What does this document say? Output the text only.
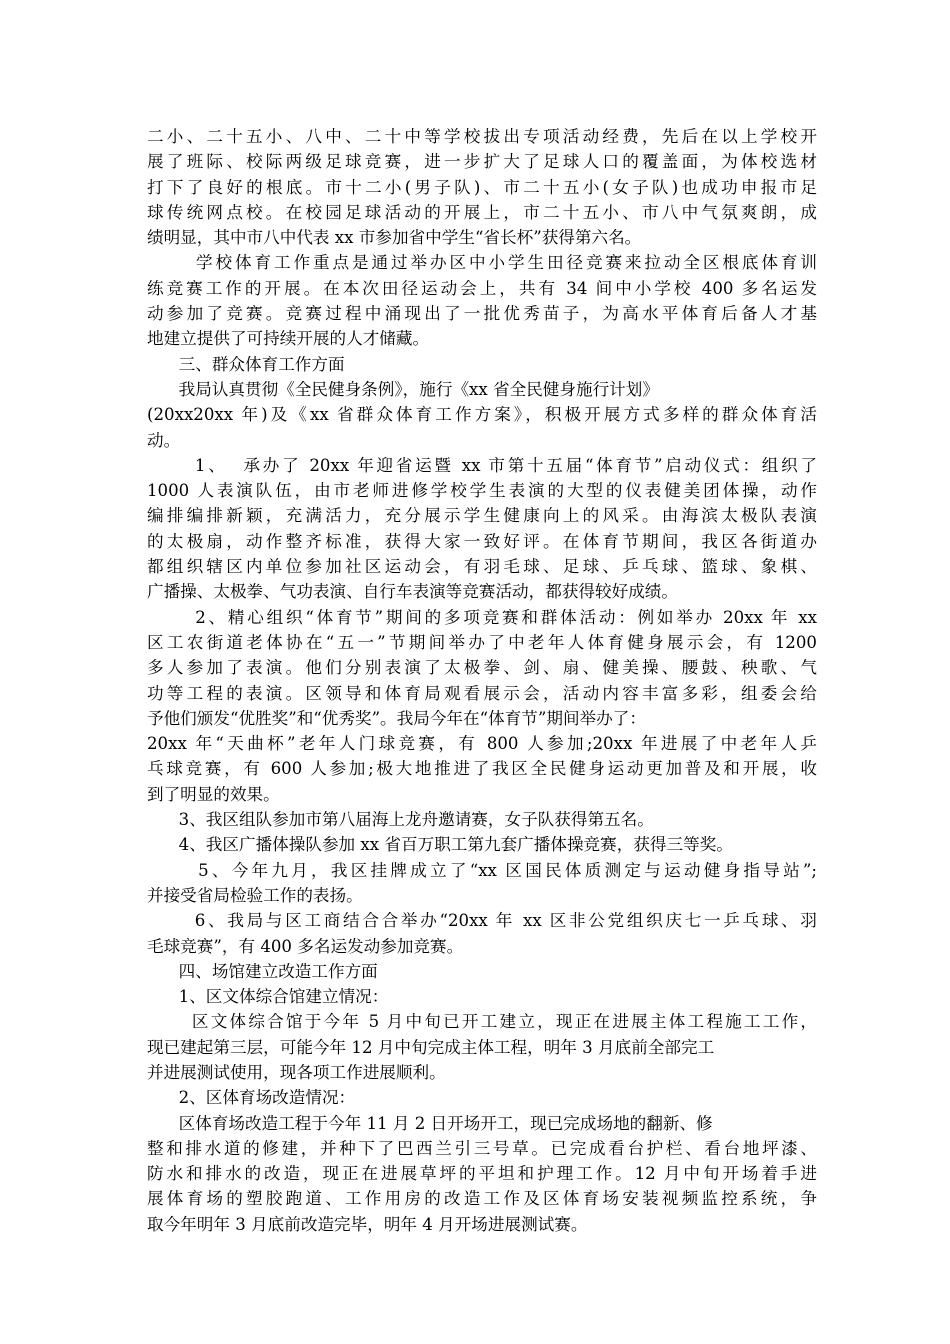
二小、二十五小、八中、二十中等学校拔出专项活动经费，先后在以上学校开
展了班际、校际两级足球竞赛，进一步扩大了足球人口的覆盖面，为体校选材
打下了良好的根底。市十二小(男子队)、市二十五小(女子队)也成功申报市足
球传统网点校。在校园足球活动的开展上，市二十五小、市八中气氛爽朗，成
绩明显，其中市八中代表 xx 市参加省中学生“省长杯”获得第六名。
学校体育工作重点是通过举办区中小学生田径竞赛来拉动全区根底体育训
练竞赛工作的开展。在本次田径运动会上，共有 34 间中小学校 400 多名运发
动参加了竞赛。竞赛过程中涌现出了一批优秀苗子，为高水平体育后备人才基
地建立提供了可持续开展的人才储藏。
三、群众体育工作方面
我局认真贯彻《全民健身条例》，施行《xx 省全民健身施行计划》
(20xx20xx 年)及《xx 省群众体育工作方案》，积极开展方式多样的群众体育活
动。
1、  承办了 20xx 年迎省运暨 xx 市第十五届“体育节”启动仪式：组织了
1000 人表演队伍，由市老师进修学校学生表演的大型的仪表健美团体操，动作
编排编排新颖，充满活力，充分展示学生健康向上的风采。由海滨太极队表演
的太极扇，动作整齐标准，获得大家一致好评。在体育节期间，我区各街道办
都组织辖区内单位参加社区运动会，有羽毛球、足球、乒乓球、篮球、象棋、
广播操、太极拳、气功表演、自行车表演等竞赛活动，都获得较好成绩。
2、精心组织“体育节”期间的多项竞赛和群体活动：例如举办 20xx 年 xx
区工农街道老体协在“五一”节期间举办了中老年人体育健身展示会，有 1200
多人参加了表演。他们分别表演了太极拳、剑、扇、健美操、腰鼓、秧歌、气
功等工程的表演。区领导和体育局观看展示会，活动内容丰富多彩，组委会给
予他们颁发“优胜奖”和“优秀奖”。我局今年在“体育节”期间举办了：
20xx 年“天曲杯”老年人门球竞赛，有 800 人参加;20xx 年进展了中老年人乒
乓球竞赛，有 600 人参加;极大地推进了我区全民健身运动更加普及和开展，收
到了明显的效果。
3、我区组队参加市第八届海上龙舟邀请赛，女子队获得第五名。
4、我区广播体操队参加 xx 省百万职工第九套广播体操竞赛，获得三等奖。
5、今年九月，我区挂牌成立了“xx 区国民体质测定与运动健身指导站”;
并接受省局检验工作的表扬。
6、我局与区工商结合合举办“20xx 年 xx 区非公党组织庆七一乒乓球、羽
毛球竞赛”，有 400 多名运发动参加竞赛。
四、场馆建立改造工作方面
1、区文体综合馆建立情况：
区文体综合馆于今年 5 月中旬已开工建立，现正在进展主体工程施工工作，
现已建起第三层，可能今年 12 月中旬完成主体工程，明年 3 月底前全部完工
并进展测试使用，现各项工作进展顺利。
2、区体育场改造情况：
区体育场改造工程于今年 11 月 2 日开场开工，现已完成场地的翻新、修
整和排水道的修建，并种下了巴西兰引三号草。已完成看台护栏、看台地坪漆、
防水和排水的改造，现正在进展草坪的平坦和护理工作。12 月中旬开场着手进
展体育场的塑胶跑道、工作用房的改造工作及区体育场安装视频监控系统，争
取今年明年 3 月底前改造完毕，明年 4 月开场进展测试赛。
